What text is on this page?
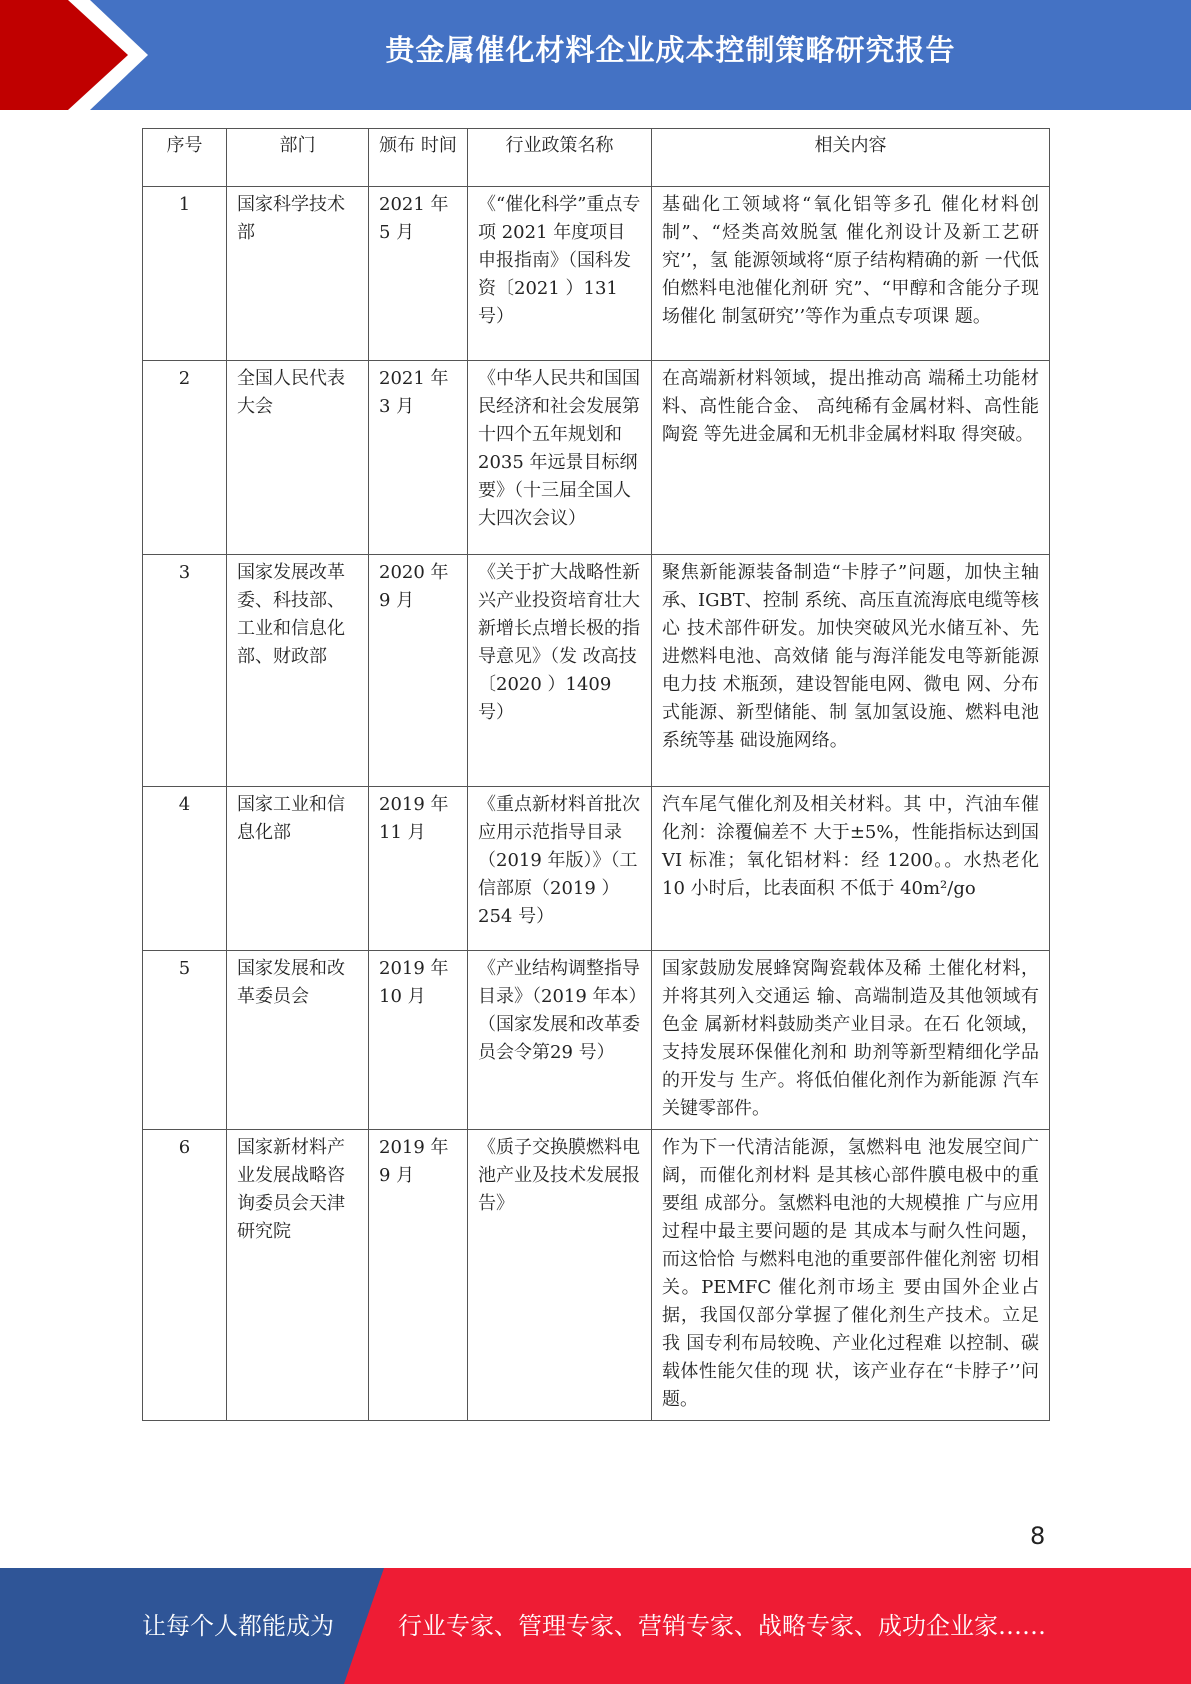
贵金属催化材料企业成本控制策略研究报告
序号	部门	颁布 时间	行业政策名称	相关内容
1	国家科学技术部	2021 年 5 月	《“催化科学”重点专项 2021 年度项目申报指南》（国科发资〔2021 ）131 号）	基础化工领域将“氧化铝等多孔 催化材料创制”、“烃类高效脱氢 催化剂设计及新工艺研究’’，氢 能源领域将“原子结构精确的新 一代低伯燃料电池催化剂研 究”、“甲醇和含能分子现场催化 制氢研究’’等作为重点专项课 题。
2	全国人民代表大会	2021 年 3 月	《中华人民共和国国民经济和社会发展第十四个五年规划和 2035 年远景目标纲要》（十三届全国人大四次会议）	在高端新材料领域，提出推动高 端稀土功能材料、高性能合金、 高纯稀有金属材料、高性能陶瓷 等先进金属和无机非金属材料取 得突破。
3	国家发展改革委、科技部、工业和信息化部、财政部	2020 年 9 月	《关于扩大战略性新兴产业投资培育壮大新增长点增长极的指导意见》（发 改高技〔2020 ）1409 号）	聚焦新能源装备制造“卡脖子”问题，加快主轴承、IGBT、控制 系统、高压直流海底电缆等核心 技术部件研发。加快突破风光水储互补、先进燃料电池、高效储 能与海洋能发电等新能源电力技 术瓶颈，建设智能电网、微电 网、分布式能源、新型储能、制 氢加氢设施、燃料电池系统等基 础设施网络。
4	国家工业和信息化部	2019 年 11 月	《重点新材料首批次应用示范指导目录（2019 年版）》（工信部原（2019 ） 254 号）	汽车尾气催化剂及相关材料。其 中，汽油车催化剂：涂覆偏差不 大于±5%，性能指标达到国 VI 标准；氧化铝材料：经 1200。。水热老化 10 小时后，比表面积 不低于 40m²/go
5	国家发展和改革委员会	2019 年 10 月	《产业结构调整指导目录》（2019 年本）（国家发展和改革委员会令第29 号）	国家鼓励发展蜂窝陶瓷载体及稀 土催化材料，并将其列入交通运 输、高端制造及其他领域有色金 属新材料鼓励类产业目录。在石 化领域，支持发展环保催化剂和 助剂等新型精细化学品的开发与 生产。将低伯催化剂作为新能源 汽车关键零部件。
6	国家新材料产业发展战略咨询委员会天津研究院	2019 年 9 月	《质子交换膜燃料电池产业及技术发展报告》	作为下一代清洁能源，氢燃料电 池发展空间广阔，而催化剂材料 是其核心部件膜电极中的重要组 成部分。氢燃料电池的大规模推 广与应用过程中最主要问题的是 其成本与耐久性问题，而这恰恰 与燃料电池的重要部件催化剂密 切相关。PEMFC 催化剂市场主 要由国外企业占据，我国仅部分掌握了催化剂生产技术。立足我 国专利布局较晚、产业化过程难 以控制、碳载体性能欠佳的现 状，该产业存在“卡脖子’’问题。
8
让每个人都能成为	行业专家、管理专家、营销专家、战略专家、成功企业家……
